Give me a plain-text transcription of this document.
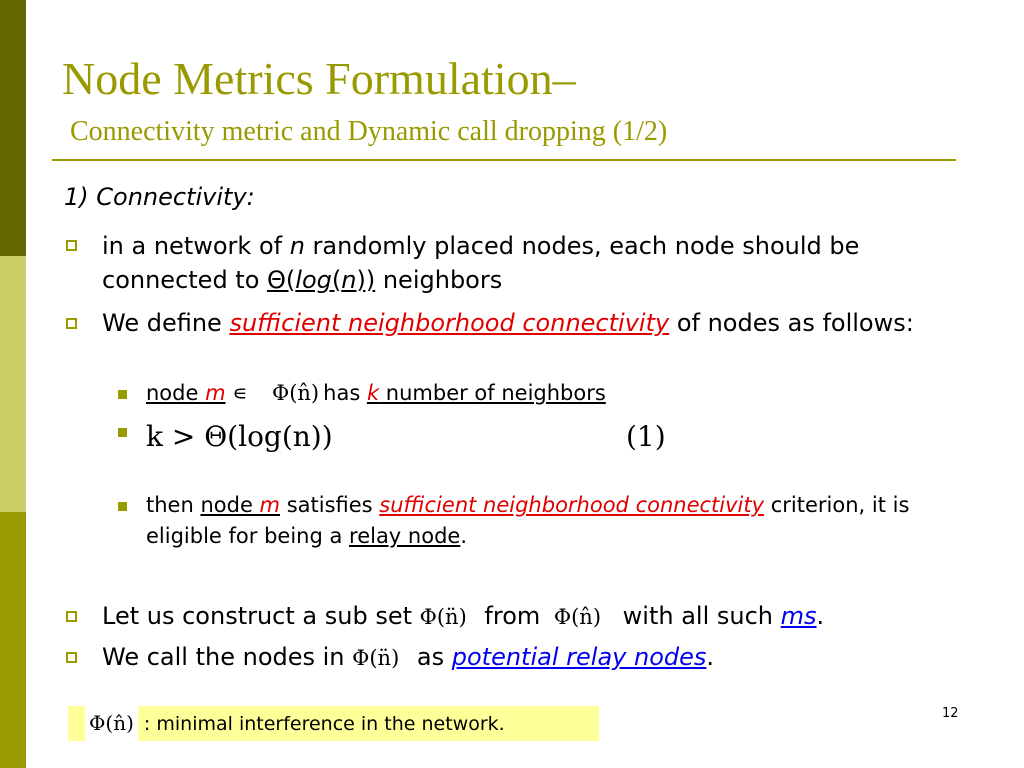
Node Metrics Formulation–
Connectivity metric and Dynamic call dropping (1/2)
1) Connectivity:
in a network of n randomly placed nodes, each node should be connected to Θ(log(n)) neighbors
We define sufficient neighborhood connectivity of nodes as follows:
node m ∊ Φ(n̂) has k number of neighbors
k > Θ(log(n))	(1)
then node m satisfies sufficient neighborhood connectivity criterion, it is eligible for being a relay node.
Let us construct a sub set Φ(n̈) from Φ(n̂) with all such ms.
We call the nodes in Φ(n̈) as potential relay nodes.
Φ(n̂) : minimal interference in the network.	12
